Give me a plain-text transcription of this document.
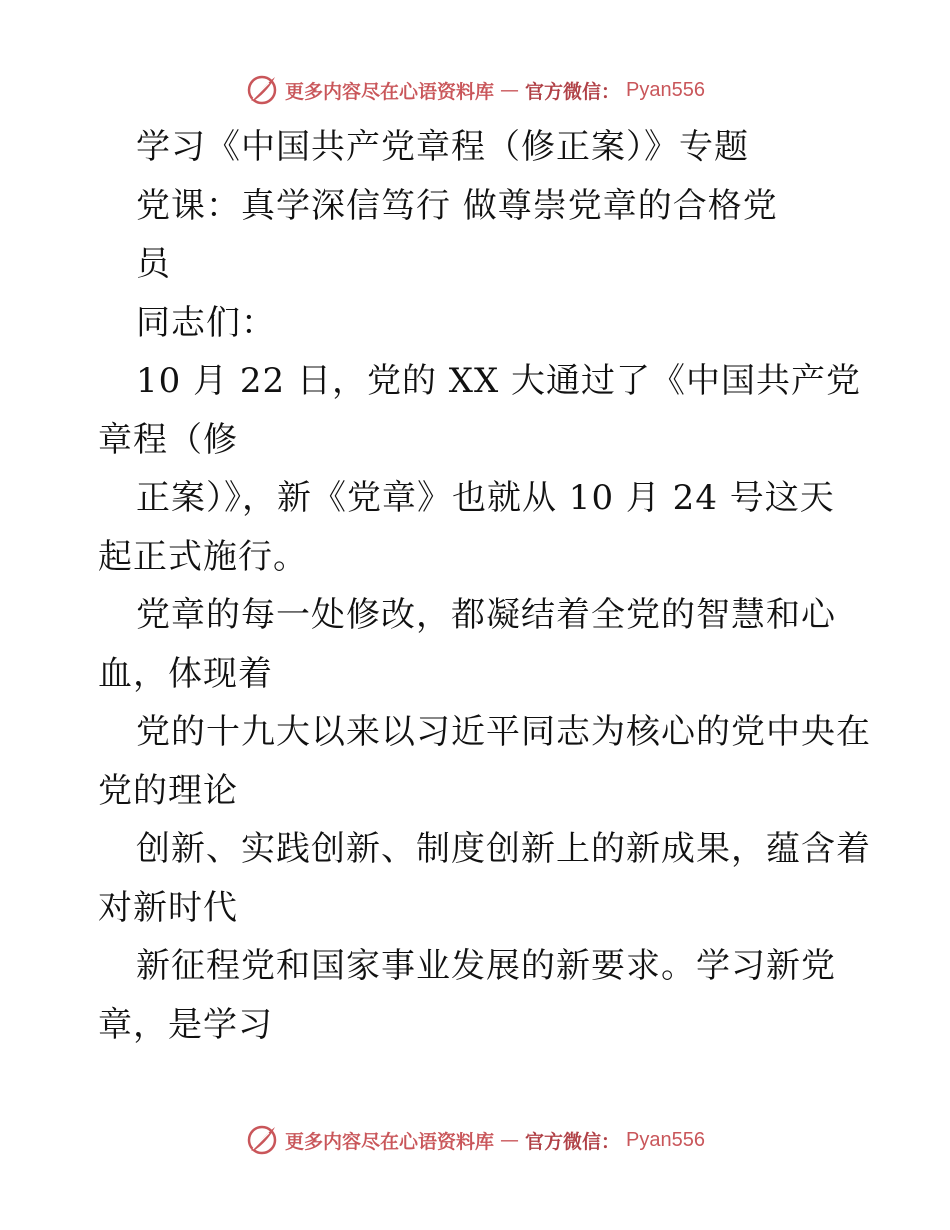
更多内容尽在心语资料库 — 官方微信： Pyan556
学习《中国共产党章程（修正案）》专题
党课：真学深信笃行 做尊崇党章的合格党
员
同志们：
10 月 22 日，党的 XX 大通过了《中国共产党
章程（修
正案）》，新《党章》也就从 10 月 24 号这天
起正式施行。
党章的每一处修改，都凝结着全党的智慧和心
血，体现着
党的十九大以来以习近平同志为核心的党中央在
党的理论
创新、实践创新、制度创新上的新成果，蕴含着
对新时代
新征程党和国家事业发展的新要求。学习新党
章，是学习
更多内容尽在心语资料库 — 官方微信： Pyan556
